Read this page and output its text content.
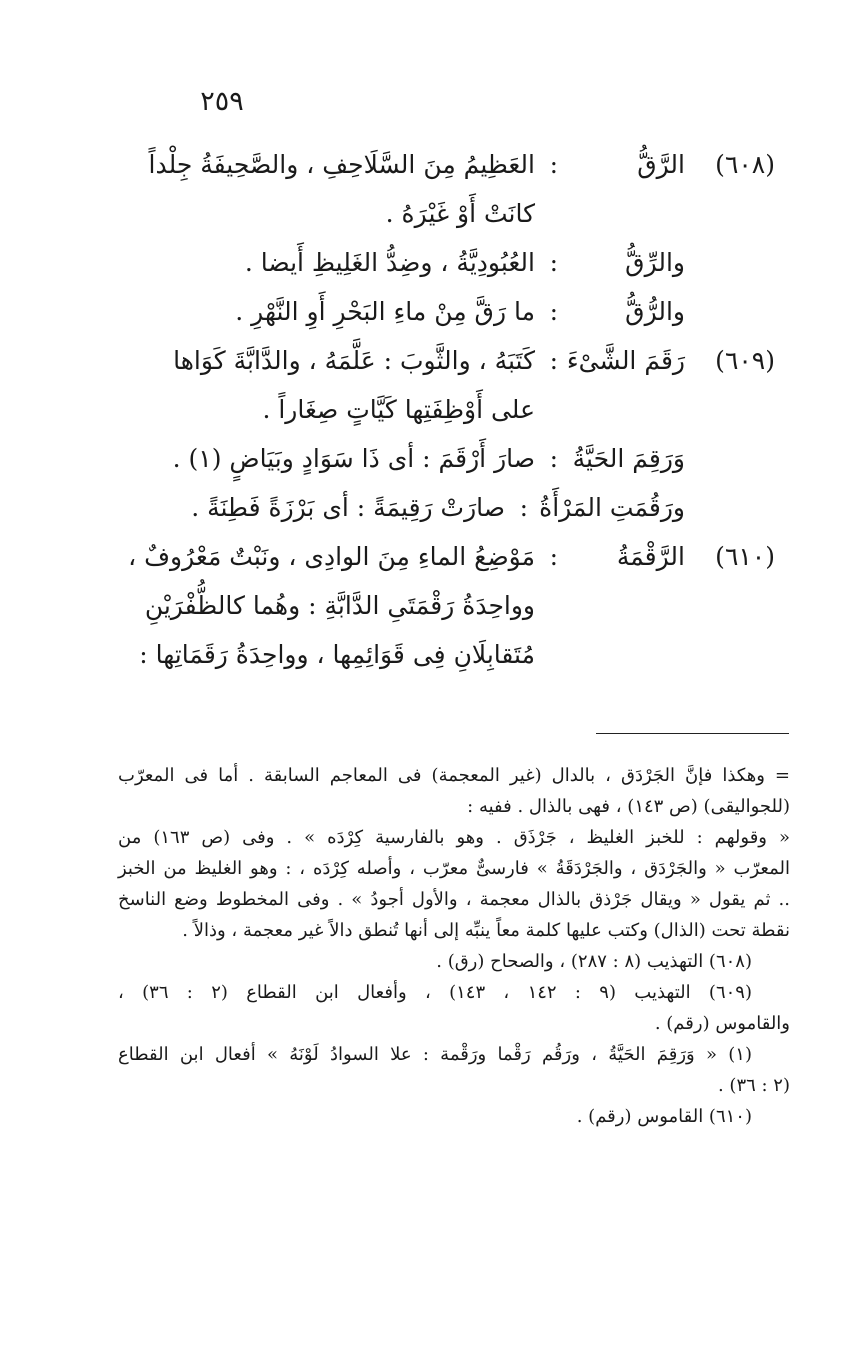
٢٥٩
(٦٠٨)
الرَّقُّ
:
العَظِيمُ مِنَ السَّلَاحِفِ ، والصَّحِيفَةُ جِلْداً
كانَتْ أَوْ غَيْرَهُ .
والرِّقُّ
:
العُبُودِيَّةُ ، وضِدُّ الغَلِيظِ أَيضا .
والرُّقُّ
:
ما رَقَّ مِنْ ماءِ البَحْرِ أَوِ النَّهْرِ .
(٦٠٩)
رَقَمَ الشَّىْءَ
:
كَتَبَهُ ، والثَّوبَ : عَلَّمَهُ ، والدَّابَّةَ كَوَاها
على أَوْظِفَتِها كَيَّاتٍ صِغَاراً .
وَرَقِمَ الحَيَّةُ
:
صارَ أَرْقَمَ : أى ذَا سَوَادٍ وبَيَاضٍ (١) .
ورَقُمَتِ المَرْأَةُ
:
صارَتْ رَقِيمَةً : أى بَرْزَةً فَطِنَةً .
(٦١٠)
الرَّقْمَةُ
:
مَوْضِعُ الماءِ مِنَ الوادِى ، ونَبْتٌ مَعْرُوفٌ ،
وواحِدَةُ رَقْمَتَىِ الدَّابَّةِ : وهُما كالظُّفْرَيْنِ
مُتَقابِلَانِ فِى قَوَائِمِها ، وواحِدَةُ رَقَمَاتِها :
= وهكذا فإنَّ الجَرْدَق ، بالدال (غير المعجمة) فى المعاجم السابقة . أما فى المعرّب
(للجواليقى) (ص ١٤٣) ، فهى بالذال . ففيه :
« وقولهم : للخبز الغليظ ، جَرْذَق . وهو بالفارسية كِرْدَه » . وفى (ص ١٦٣) من
المعرّب « والجَرْدَق ، والجَرْدَقَةُ » فارسىٌّ معرّب ، وأصله كِرْدَه ، : وهو الغليظ من الخبز
.. ثم يقول « ويقال جَرْذق بالذال معجمة ، والأول أجودُ » . وفى المخطوط وضع الناسخ
نقطة تحت (الذال) وكتب عليها كلمة معاً ينبِّه إلى أنها تُنطق دالاً غير معجمة ، وذالاً .
(٦٠٨) التهذيب (٨ : ٢٨٧) ، والصحاح (رق) .
(٦٠٩) التهذيب (٩ : ١٤٢ ، ١٤٣) ، وأفعال ابن القطاع (٢ : ٣٦) ،
والقاموس (رقم) .
(١) « وَرَقِمَ الحَيَّةُ ، ورَقُم رَقْما ورَقْمة : علا السوادُ لَوْنَهُ » أفعال ابن القطاع
(٢ : ٣٦) .
(٦١٠) القاموس (رقم) .
